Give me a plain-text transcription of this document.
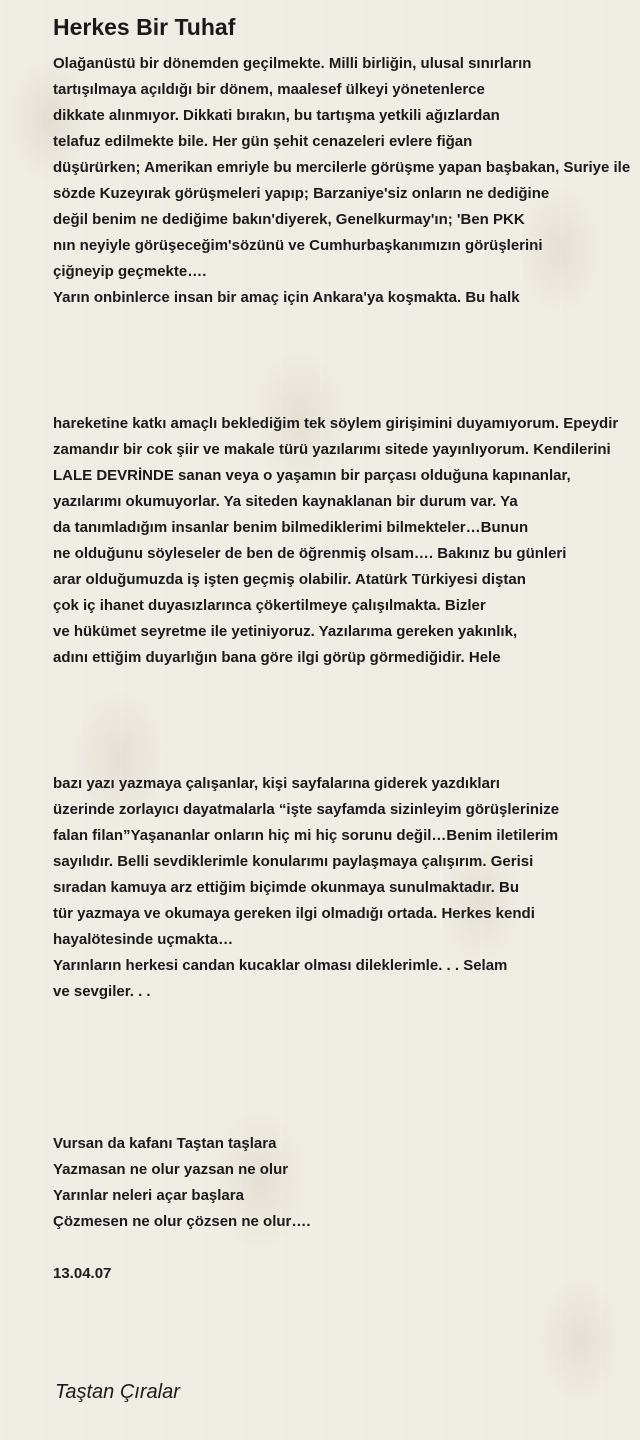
Herkes Bir Tuhaf
Olağanüstü bir dönemden geçilmekte. Milli birliğin, ulusal sınırların
tartışılmaya açıldığı bir dönem, maalesef ülkeyi yönetenlerce
dikkate alınmıyor. Dikkati bırakın, bu tartışma yetkili ağızlardan
telafuz edilmekte bile. Her gün şehit cenazeleri evlere fiğan
düşürürken; Amerikan emriyle bu mercilerle görüşme yapan başbakan, Suriye ile
sözde Kuzeyırak görüşmeleri yapıp; Barzaniye'siz onların ne dediğine
değil benim ne dediğime bakın'diyerek, Genelkurmay'ın; 'Ben PKK
nın neyiyle görüşeceğim'sözünü ve Cumhurbaşkanımızın görüşlerini
çiğneyip geçmekte….
Yarın onbinlerce insan bir amaç için Ankara'ya koşmakta. Bu halk
hareketine katkı amaçlı beklediğim tek söylem girişimini duyamıyorum. Epeydir
zamandır bir cok şiir ve makale türü yazılarımı sitede yayınlıyorum. Kendilerini
LALE DEVRİNDE sanan veya o yaşamın bir parçası olduğuna kapınanlar,
yazılarımı okumuyorlar. Ya siteden kaynaklanan bir durum var. Ya
da tanımladığım insanlar benim bilmediklerimi bilmekteler…Bunun
ne olduğunu söyleseler de ben de öğrenmiş olsam…. Bakınız bu günleri
arar olduğumuzda iş işten geçmiş olabilir. Atatürk Türkiyesi diştan
çok iç ihanet duyasızlarınca çökertilmeye çalışılmakta. Bizler
ve hükümet seyretme ile yetiniyoruz. Yazılarıma gereken yakınlık,
adını ettiğim duyarlığın bana göre ilgi görüp görmediğidir. Hele
bazı yazı yazmaya çalışanlar, kişi sayfalarına giderek yazdıkları
üzerinde zorlayıcı dayatmalarla “işte sayfamda sizinleyim görüşlerinize
falan filan”Yaşananlar onların hiç mi hiç sorunu değil…Benim iletilerim
sayılıdır. Belli sevdiklerimle konularımı paylaşmaya çalışırım. Gerisi
sıradan kamuya arz ettiğim biçimde okunmaya sunulmaktadır. Bu
tür yazmaya ve okumaya gereken ilgi olmadığı ortada. Herkes kendi
hayalötesinde uçmakta…
Yarınların herkesi candan kucaklar olması dileklerimle. . . Selam
ve sevgiler. . .
Vursan da kafanı Taştan taşlara
Yazmasan ne olur yazsan ne olur
Yarınlar neleri açar başlara
Çözmesen ne olur çözsen ne olur….
13.04.07
Taştan Çıralar
